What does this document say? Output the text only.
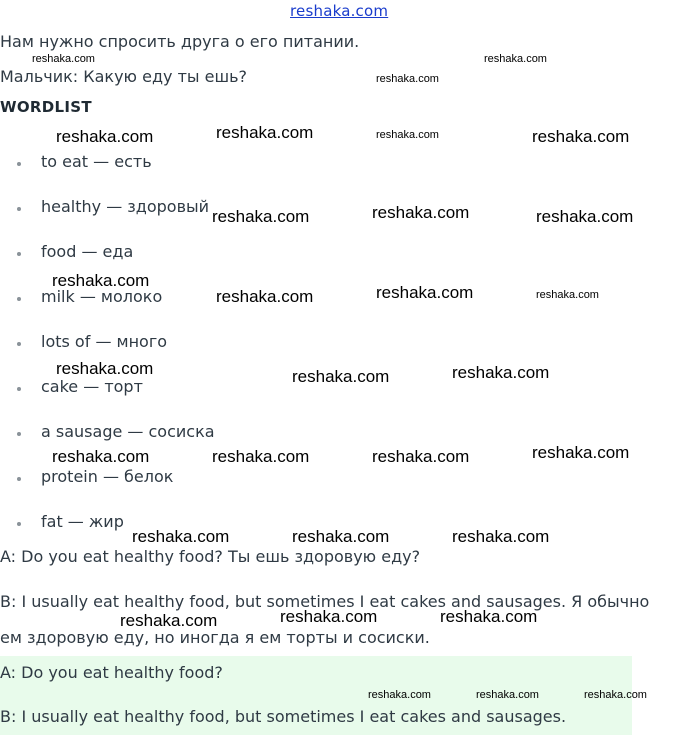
reshaka.com
Нам нужно спросить друга о его питании.
Мальчик: Какую еду ты ешь?
WORDLIST
to eat — есть
healthy — здоровый
food — еда
milk — молоко
lots of — много
cake — торт
a sausage — сосиска
protein — белок
fat — жир
A: Do you eat healthy food? Ты ешь здоровую еду?
B: I usually eat healthy food, but sometimes I eat cakes and sausages. Я обычно
ем здоровую еду, но иногда я ем торты и сосиски.
A: Do you eat healthy food?
B: I usually eat healthy food, but sometimes I eat cakes and sausages.
reshaka.com	reshaka.com
reshaka.com
reshaka.com	reshaka.com	reshaka.com	reshaka.com
reshaka.com	reshaka.com	reshaka.com
reshaka.com
reshaka.com	reshaka.com	reshaka.com
reshaka.com	reshaka.com	reshaka.com
reshaka.com	reshaka.com	reshaka.com	reshaka.com
reshaka.com	reshaka.com	reshaka.com
reshaka.com	reshaka.com	reshaka.com
reshaka.com	reshaka.com	reshaka.com
